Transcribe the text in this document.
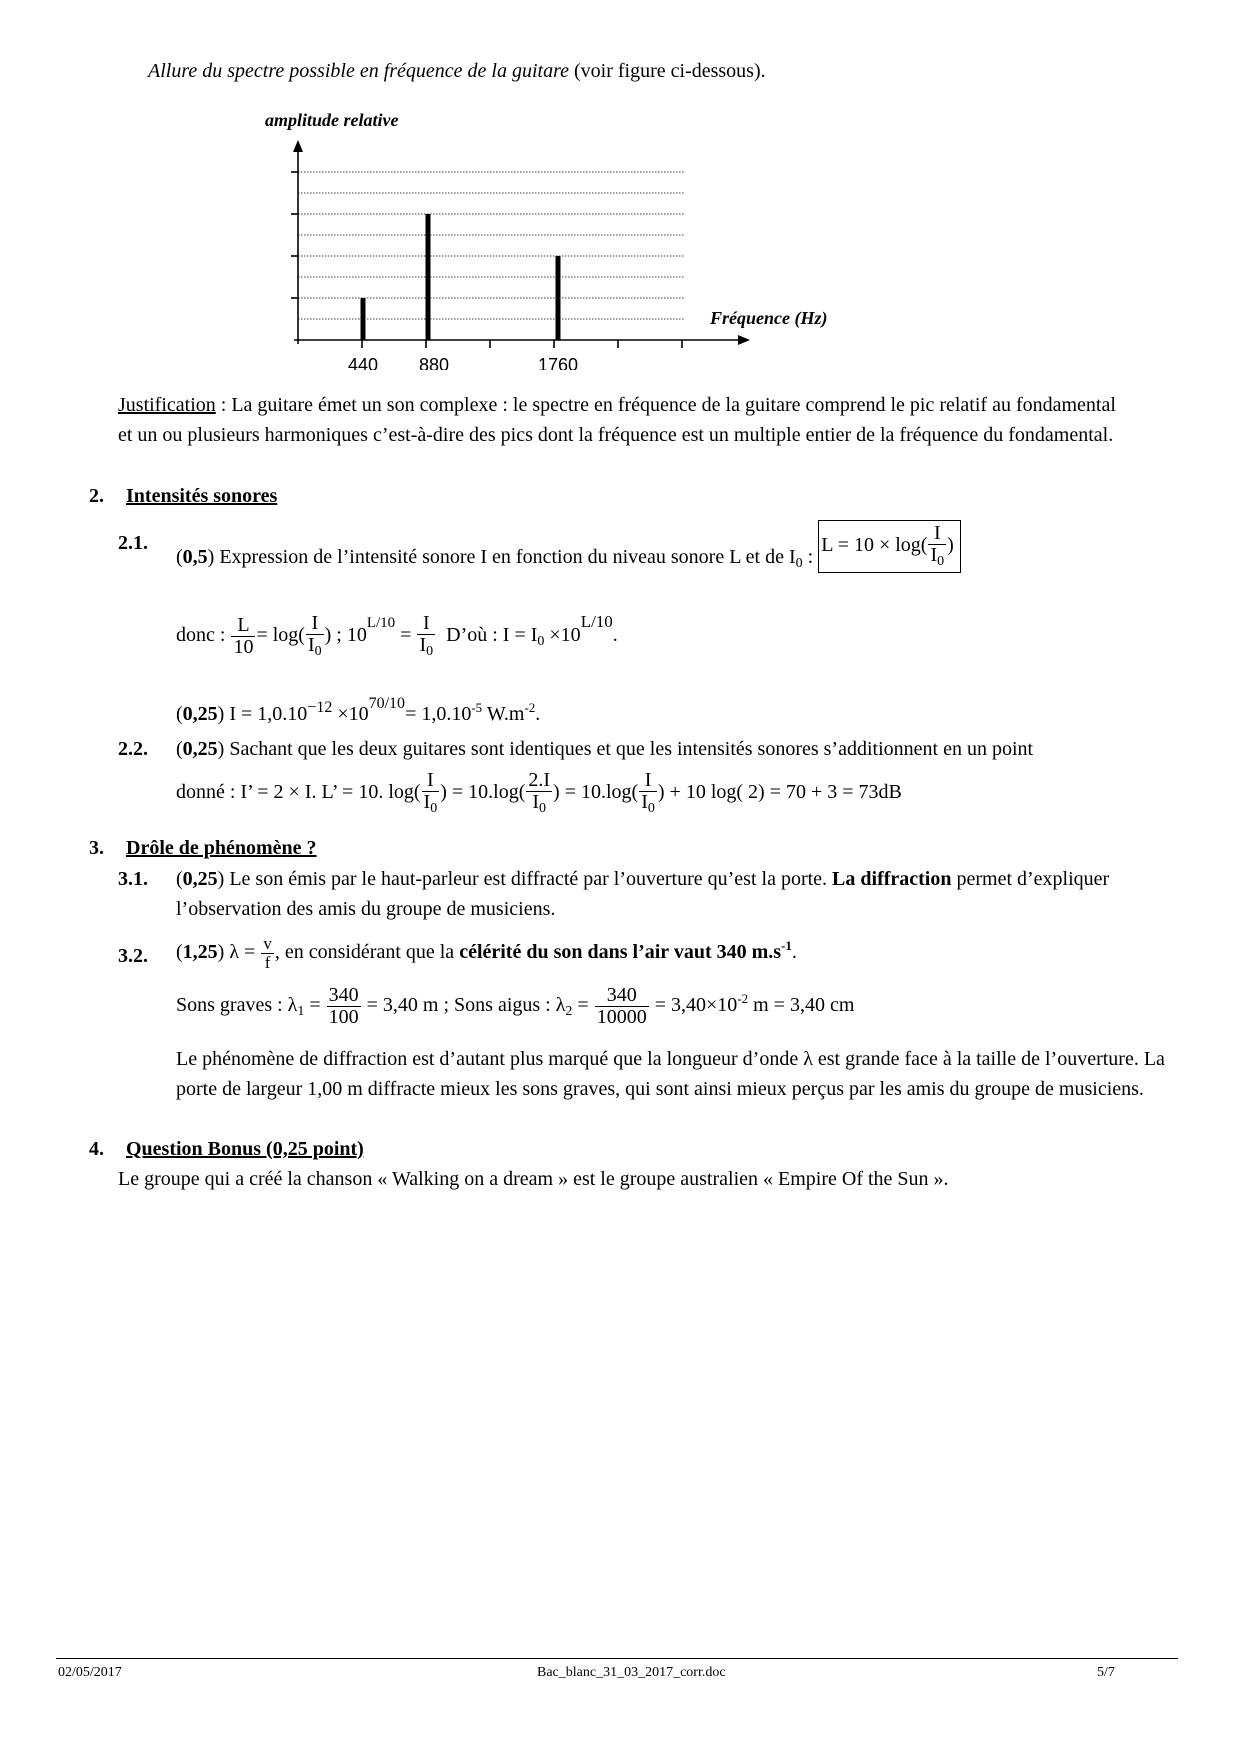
Allure du spectre possible en fréquence de la guitare (voir figure ci-dessous).
amplitude relative
Fréquence (Hz)
440 880	1760
Justification : La guitare émet un son complexe : le spectre en fréquence de la guitare comprend le pic relatif au fondamental et un ou plusieurs harmoniques c’est-à-dire des pics dont la fréquence est un multiple entier de la fréquence du fondamental.
2. Intensités sonores
2.1.
(0,5) Expression de l’intensité sonore I en fonction du niveau sonore L et de $I_0$ : $L = 10 \times \log( \frac{I}{I_0}$ )
donc : $\frac{L}{10} = \log( \frac{I}{I_0}$ ) ; $10^{L/10} = \frac{I}{I_0}$ D’où : $I = I_0 \times 10^{L/10}$.
(0,25) $I = 1,0.10^{-12} \times 10^{70/10}= 1,0.10^{-5}$ $W.m^{-2}$.
2.2. (0,25) Sachant que les deux guitares sont identiques et que les intensités sonores s’additionnent en un point
donné : I’ = 2 × I. L’ = 10. $\log( \frac{I}{I_0}$ ) = $10.\log( \frac{2.I}{I_0}$ ) = $10.\log( \frac{I}{I_0}$ ) + 10 log( 2) = 70 + 3 = 73dB
3. Drôle de phénomène ?
3.1. (0,25) Le son émis par le haut-parleur est diffracté par l’ouverture qu’est la porte. La diffraction permet d’expliquer l’observation des amis du groupe de musiciens.
3.2. (1,25) $\lambda = \frac{v}{f}$ , en considérant que la célérité du son dans l’air vaut 340 $m.s^{-1}$.
Sons graves : $\lambda_1 = \frac{340}{100} = 3,40$ m ; Sons aigus : $\lambda_2 = \frac{340}{10000} = 3,40\times 10^{-2}$ m = 3,40 cm
Le phénomène de diffraction est d’autant plus marqué que la longueur d’onde λ est grande face à la taille de l’ouverture. La porte de largeur 1,00 m diffracte mieux les sons graves, qui sont ainsi mieux perçus par les amis du groupe de musiciens.
4. Question Bonus (0,25 point)
Le groupe qui a créé la chanson « Walking on a dream » est le groupe australien « Empire Of the Sun ».
02/05/2017	Bac_blanc_31_03_2017_corr.doc	5/7
